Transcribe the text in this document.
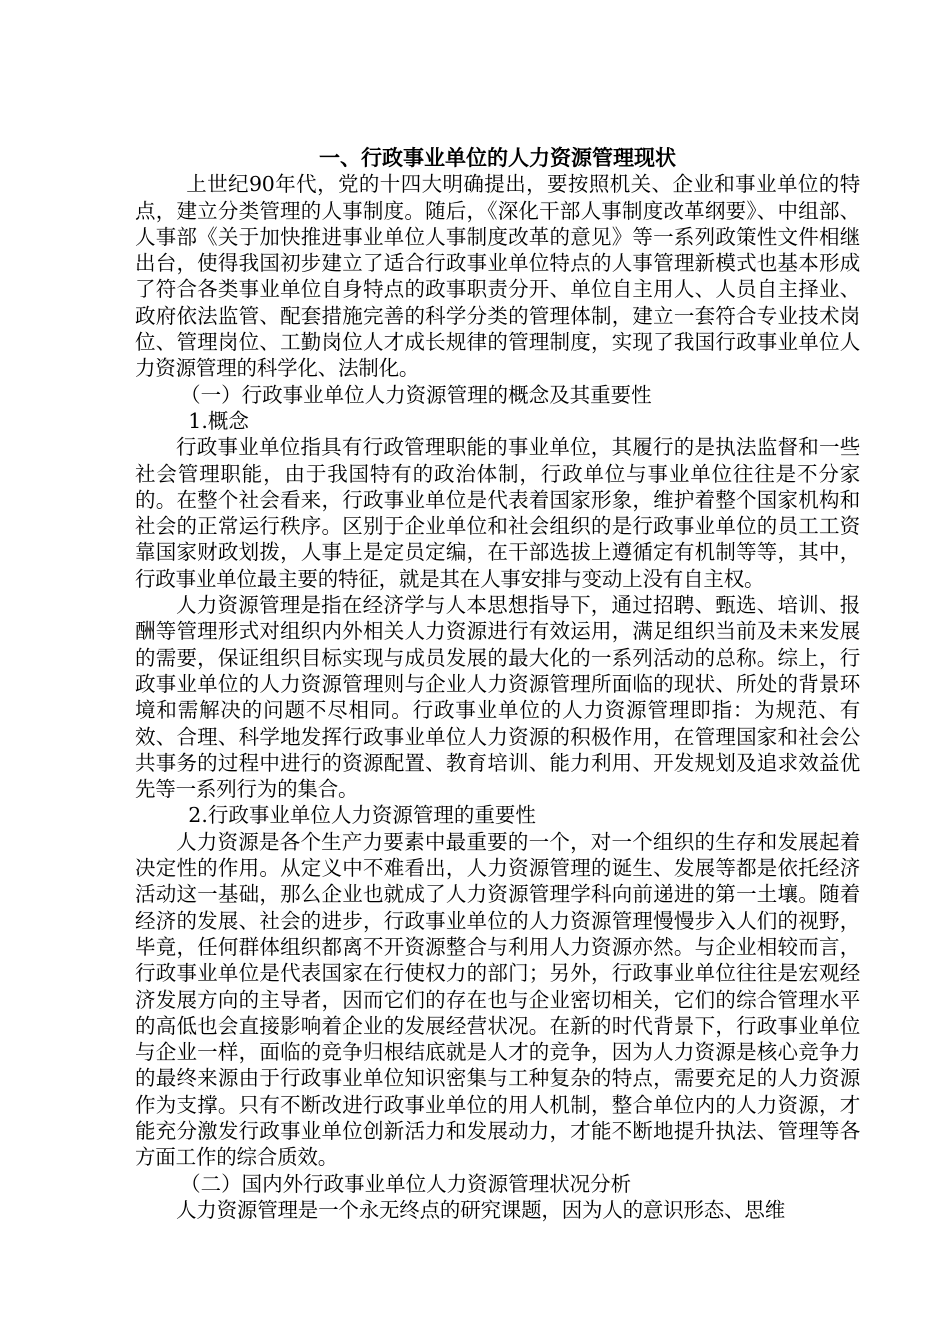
一、行政事业单位的人力资源管理现状

上世纪90年代，党的十四大明确提出，要按照机关、企业和事业单位的特点，建立分类管理的人事制度。随后，《深化干部人事制度改革纲要》、中组部、人事部《关于加快推进事业单位人事制度改革的意见》等一系列政策性文件相继出台，使得我国初步建立了适合行政事业单位特点的人事管理新模式也基本形成了符合各类事业单位自身特点的政事职责分开、单位自主用人、人员自主择业、政府依法监管、配套措施完善的科学分类的管理体制，建立一套符合专业技术岗位、管理岗位、工勤岗位人才成长规律的管理制度，实现了我国行政事业单位人力资源管理的科学化、法制化。

（一）行政事业单位人力资源管理的概念及其重要性

1.概念

行政事业单位指具有行政管理职能的事业单位，其履行的是执法监督和一些社会管理职能，由于我国特有的政治体制，行政单位与事业单位往往是不分家的。在整个社会看来，行政事业单位是代表着国家形象，维护着整个国家机构和社会的正常运行秩序。区别于企业单位和社会组织的是行政事业单位的员工工资靠国家财政划拨，人事上是定员定编，在干部选拔上遵循定有机制等等，其中，行政事业单位最主要的特征，就是其在人事安排与变动上没有自主权。

人力资源管理是指在经济学与人本思想指导下，通过招聘、甄选、培训、报酬等管理形式对组织内外相关人力资源进行有效运用，满足组织当前及未来发展的需要，保证组织目标实现与成员发展的最大化的一系列活动的总称。综上，行政事业单位的人力资源管理则与企业人力资源管理所面临的现状、所处的背景环境和需解决的问题不尽相同。行政事业单位的人力资源管理即指：为规范、有效、合理、科学地发挥行政事业单位人力资源的积极作用，在管理国家和社会公共事务的过程中进行的资源配置、教育培训、能力利用、开发规划及追求效益优先等一系列行为的集合。

2.行政事业单位人力资源管理的重要性

人力资源是各个生产力要素中最重要的一个，对一个组织的生存和发展起着决定性的作用。从定义中不难看出，人力资源管理的诞生、发展等都是依托经济活动这一基础，那么企业也就成了人力资源管理学科向前递进的第一土壤。随着经济的发展、社会的进步，行政事业单位的人力资源管理慢慢步入人们的视野，毕竟，任何群体组织都离不开资源整合与利用人力资源亦然。与企业相较而言，行政事业单位是代表国家在行使权力的部门；另外，行政事业单位往往是宏观经济发展方向的主导者，因而它们的存在也与企业密切相关，它们的综合管理水平的高低也会直接影响着企业的发展经营状况。在新的时代背景下，行政事业单位与企业一样，面临的竞争归根结底就是人才的竞争，因为人力资源是核心竞争力的最终来源由于行政事业单位知识密集与工种复杂的特点，需要充足的人力资源作为支撑。只有不断改进行政事业单位的用人机制，整合单位内的人力资源，才能充分激发行政事业单位创新活力和发展动力，才能不断地提升执法、管理等各方面工作的综合质效。

（二）国内外行政事业单位人力资源管理状况分析

人力资源管理是一个永无终点的研究课题，因为人的意识形态、思维
